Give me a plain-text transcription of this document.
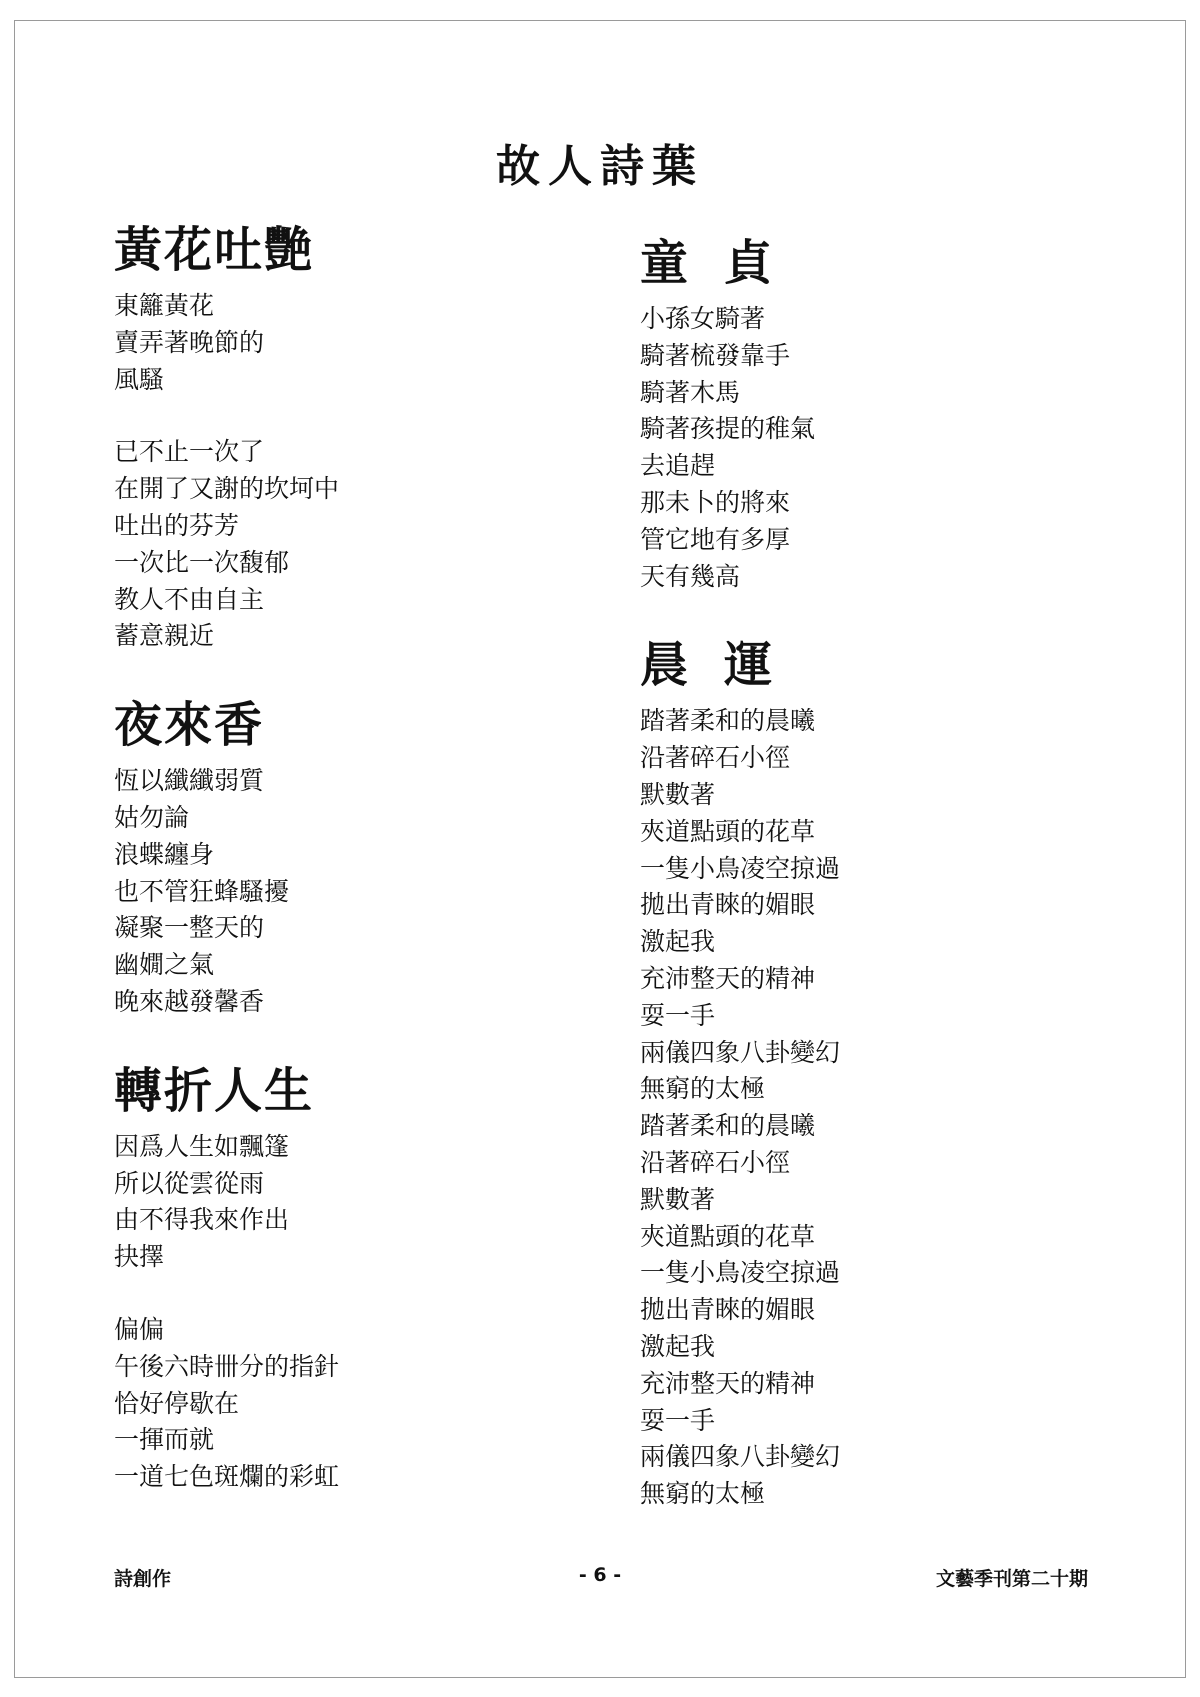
故人詩葉
黃花吐艷
東籬黃花
賣弄著晚節的
風騷
已不止一次了
在開了又謝的坎坷中
吐出的芬芳
一次比一次馥郁
教人不由自主
蓄意親近
夜來香
恆以纖纖弱質
姑勿論
浪蝶纏身
也不管狂蜂騷擾
凝聚一整天的
幽嫺之氣
晚來越發馨香
轉折人生
因爲人生如飄篷
所以從雲從雨
由不得我來作出
抉擇
偏偏
午後六時卌分的指針
恰好停歇在
一揮而就
一道七色斑爛的彩虹
童貞
小孫女騎著
騎著梳發靠手
騎著木馬
騎著孩提的稚氣
去追趕
那未卜的將來
管它地有多厚
天有幾高
晨運
踏著柔和的晨曦
沿著碎石小徑
默數著
夾道點頭的花草
一隻小鳥凌空掠過
拋出青睞的媚眼
激起我
充沛整天的精神
耍一手
兩儀四象八卦變幻
無窮的太極
踏著柔和的晨曦
沿著碎石小徑
默數著
夾道點頭的花草
一隻小鳥凌空掠過
拋出青睞的媚眼
激起我
充沛整天的精神
耍一手
兩儀四象八卦變幻
無窮的太極
詩創作	- 6 -	文藝季刊第二十期
